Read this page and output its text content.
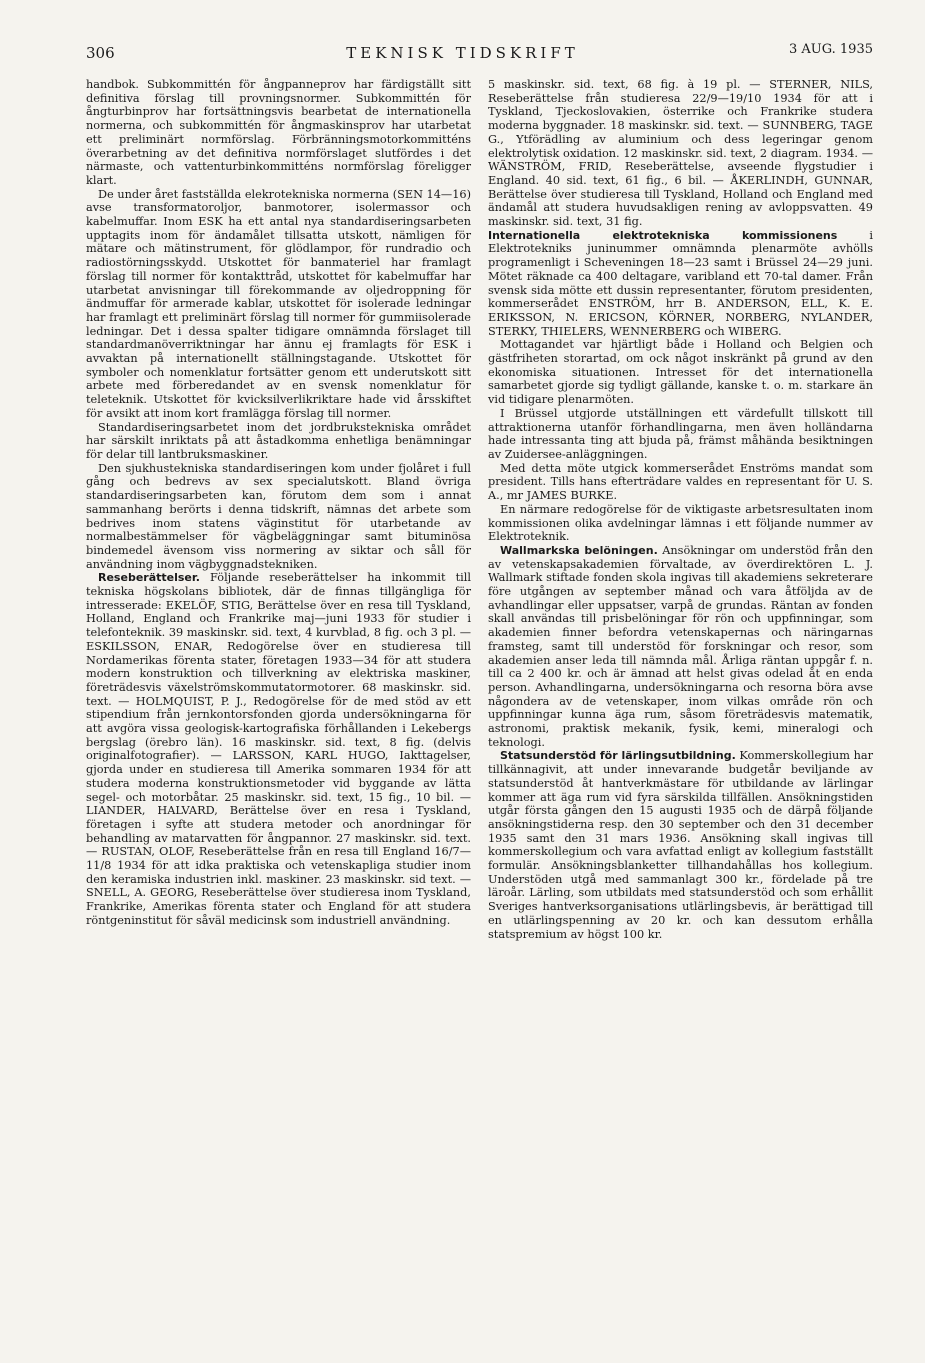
306	TEKNISK TIDSKRIFT	3 AUG. 1935

handbok. Subkommittén för ångpanneprov har färdigställt sitt definitiva förslag till provningsnormer. Subkommittén för ångturbinprov har fortsättningsvis bearbetat de internationella normerna, och subkommittén för ångmaskinsprov har utarbetat ett preliminärt normförslag. Förbränningsmotorkommitténs överarbetning av det definitiva normförslaget slutfördes i det närmaste, och vattenturbinkommitténs normförslag föreligger klart.

De under året fastställda elekrotekniska normerna (SEN 14—16) avse transformatoroljor, banmotorer, isolermassor och kabelmuffar. Inom ESK ha ett antal nya standardiseringsarbeten upptagits inom för ändamålet tillsatta utskott, nämligen för mätare och mätinstrument, för glödlampor, för rundradio och radiostörningsskydd. Utskottet för banmateriel har framlagt förslag till normer för kontakttråd, utskottet för kabelmuffar har utarbetat anvisningar till förekommande av oljedroppning för ändmuffar för armerade kablar, utskottet för isolerade ledningar har framlagt ett preliminärt förslag till normer för gummiisolerade ledningar. Det i dessa spalter tidigare omnämnda förslaget till standardmanöverriktningar har ännu ej framlagts för ESK i avvaktan på internationellt ställningstagande. Utskottet för symboler och nomenklatur fortsätter genom ett underutskott sitt arbete med förberedandet av en svensk nomenklatur för teleteknik. Utskottet för kvicksilverlikriktare hade vid årsskiftet för avsikt att inom kort framlägga förslag till normer.

Standardiseringsarbetet inom det jordbrukstekniska området har särskilt inriktats på att åstadkomma enhetliga benämningar för delar till lantbruksmaskiner.

Den sjukhustekniska standardiseringen kom under fjolåret i full gång och bedrevs av sex specialutskott. Bland övriga standardiseringsarbeten kan, förutom dem som i annat sammanhang berörts i denna tidskrift, nämnas det arbete som bedrives inom statens väginstitut för utarbetande av normalbestämmelser för vägbeläggningar samt bituminösa bindemedel ävensom viss normering av siktar och såll för användning inom vägbyggnadstekniken.

Reseberättelser. Följande reseberättelser ha inkommit till tekniska högskolans bibliotek, där de finnas tillgängliga för intresserade: EKELÖF, STIG, Berättelse över en resa till Tyskland, Holland, England och Frankrike maj—juni 1933 för studier i telefonteknik. 39 maskinskr. sid. text, 4 kurvblad, 8 fig. och 3 pl. — ESKILSSON, ENAR, Redogörelse över en studieresa till Nordamerikas förenta stater, företagen 1933—34 för att studera modern konstruktion och tillverkning av elektriska maskiner, företrädesvis växelströmskommutatormotorer. 68 maskinskr. sid. text. — HOLMQUIST, P. J., Redogörelse för de med stöd av ett stipendium från jernkontorsfonden gjorda undersökningarna för att avgöra vissa geologisk-kartografiska förhållanden i Lekebergs bergslag (örebro län). 16 maskinskr. sid. text, 8 fig. (delvis originalfotografier). — LARSSON, KARL HUGO, Iakttagelser, gjorda under en studieresa till Amerika sommaren 1934 för att studera moderna konstruktionsmetoder vid byggande av lätta segel- och motorbåtar. 25 maskinskr. sid. text, 15 fig., 10 bil. — LIANDER, HALVARD, Berättelse över en resa i Tyskland, företagen i syfte att studera metoder och anordningar för behandling av matarvatten för ångpannor. 27 maskinskr. sid. text. — RUSTAN, OLOF, Reseberättelse från en resa till England 16/7—11/8 1934 för att idka praktiska och vetenskapliga studier inom den keramiska industrien inkl. maskiner. 23 maskinskr. sid text. — SNELL, A. GEORG, Reseberättelse över studieresa inom Tyskland, Frankrike, Amerikas förenta stater och England för att studera röntgeninstitut för såväl medicinsk som industriell användning.

5 maskinskr. sid. text, 68 fig. à 19 pl. — STERNER, NILS, Reseberättelse från studieresa 22/9—19/10 1934 för att i Tyskland, Tjeckoslovakien, österrike och Frankrike studera moderna byggnader. 18 maskinskr. sid. text. — SUNNBERG, TAGE G., Ytförädling av aluminium och dess legeringar genom elektrolytisk oxidation. 12 maskinskr. sid. text, 2 diagram. 1934. — WÄNSTRÖM, FRID, Reseberättelse, avseende flygstudier i England. 40 sid. text, 61 fig., 6 bil. — ÅKERLINDH, GUNNAR, Berättelse över studieresa till Tyskland, Holland och England med ändamål att studera huvudsakligen rening av avloppsvatten. 49 maskinskr. sid. text, 31 fig.

Internationella elektrotekniska kommissionens	i Elektrotekniks juninummer omnämnda plenarmöte avhölls programenligt i Scheveningen 18—23 samt i Brüssel 24—29 juni. Mötet räknade ca 400 deltagare, varibland ett 70-tal damer. Från svensk sida mötte ett dussin representanter, förutom presidenten, kommerserådet ENSTRÖM, hrr B. ANDERSON, ELL, K. E. ERIKSSON, N. ERICSON, KÖRNER, NORBERG, NYLANDER, STERKY, THIELERS, WENNERBERG och WIBERG.

Mottagandet var hjärtligt både i Holland och Belgien och gästfriheten storartad, om ock något inskränkt på grund av den ekonomiska situationen. Intresset för det internationella samarbetet gjorde sig tydligt gällande, kanske t. o. m. starkare än vid tidigare plenarmöten.

I Brüssel utgjorde utställningen ett värdefullt tillskott till attraktionerna utanför förhandlingarna, men även holländarna hade intressanta ting att bjuda på, främst måhända besiktningen av Zuidersee-anläggningen.

Med detta möte utgick kommerserådet Enströms mandat som president. Tills hans efterträdare valdes en representant för U. S. A., mr JAMES BURKE.

En närmare redogörelse för de viktigaste arbetsresultaten inom kommissionen olika avdelningar lämnas i ett följande nummer av Elektroteknik.

Wallmarkska belöningen. Ansökningar om understöd från den av vetenskapsakademien förvaltade, av överdirektören L. J. Wallmark stiftade fonden skola ingivas till akademiens sekreterare före utgången av september månad och vara åtföljda av de avhandlingar eller uppsatser, varpå de grundas. Räntan av fonden skall användas till prisbelöningar för rön och uppfinningar, som akademien finner befordra vetenskapernas och näringarnas framsteg, samt till understöd för forskningar och resor, som akademien anser leda till nämnda mål. Årliga räntan uppgår f. n. till ca 2 400 kr. och är ämnad att helst givas odelad åt en enda person. Avhandlingarna, undersökningarna och resorna böra avse någondera av de vetenskaper, inom vilkas område rön och uppfinningar kunna äga rum, såsom företrädesvis matematik, astronomi, praktisk mekanik, fysik, kemi, mineralogi och teknologi.

Statsunderstöd för lärlingsutbildning. Kommerskollegium har tillkännagivit, att under innevarande budgetår beviljande av statsunderstöd åt hantverkmästare för utbildande av lärlingar kommer att äga rum vid fyra särskilda tillfällen. Ansökningstiden utgår första gången den 15 augusti 1935 och de därpå följande ansökningstiderna resp. den 30 september och den 31 december 1935 samt den 31 mars 1936. Ansökning skall ingivas till kommerskollegium och vara avfattad enligt av kollegium fastställt formulär. Ansökningsblanketter tillhandahållas hos kollegium. Understöden utgå med sammanlagt 300 kr., fördelade på tre läroår. Lärling, som utbildats med statsunderstöd och som erhållit Sveriges hantverksorganisations utlärlingsbevis, är berättigad till en utlärlingspenning av 20 kr. och kan dessutom erhålla statspremium av högst 100 kr.
